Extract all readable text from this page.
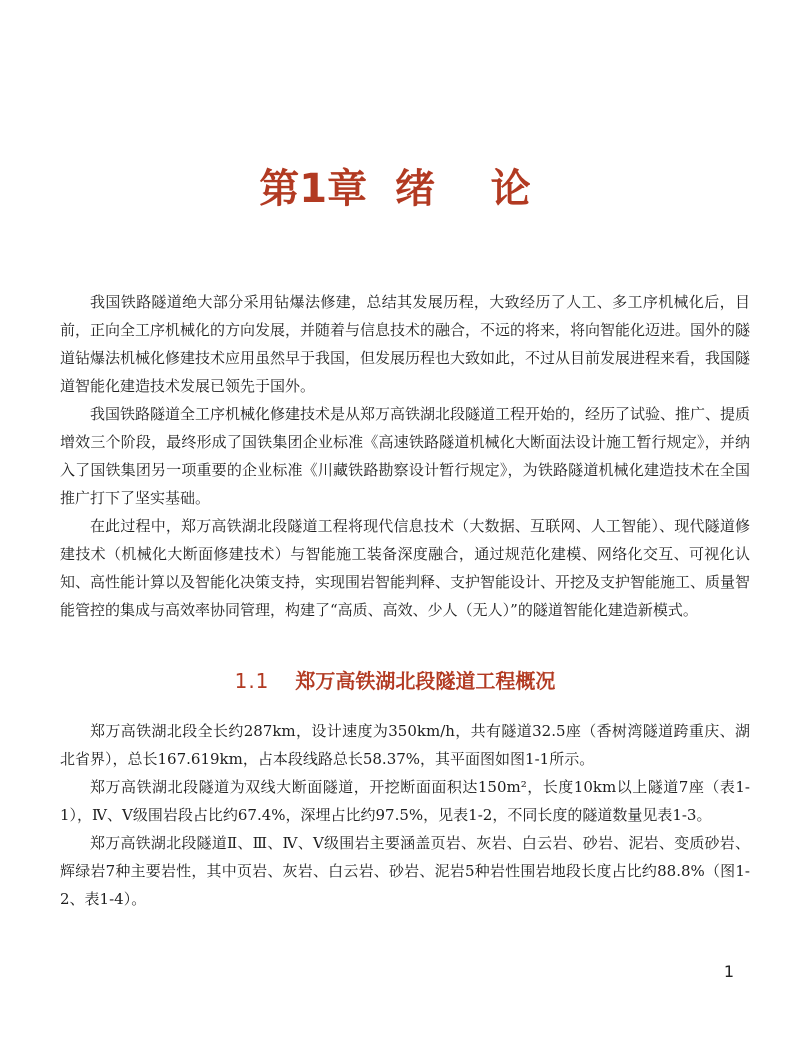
第1章  绪    论

我国铁路隧道绝大部分采用钻爆法修建，总结其发展历程，大致经历了人工、多工序机械化后，目前，正向全工序机械化的方向发展，并随着与信息技术的融合，不远的将来，将向智能化迈进。国外的隧道钻爆法机械化修建技术应用虽然早于我国，但发展历程也大致如此，不过从目前发展进程来看，我国隧道智能化建造技术发展已领先于国外。

我国铁路隧道全工序机械化修建技术是从郑万高铁湖北段隧道工程开始的，经历了试验、推广、提质增效三个阶段，最终形成了国铁集团企业标准《高速铁路隧道机械化大断面法设计施工暂行规定》，并纳入了国铁集团另一项重要的企业标准《川藏铁路勘察设计暂行规定》，为铁路隧道机械化建造技术在全国推广打下了坚实基础。

在此过程中，郑万高铁湖北段隧道工程将现代信息技术（大数据、互联网、人工智能）、现代隧道修建技术（机械化大断面修建技术）与智能施工装备深度融合，通过规范化建模、网络化交互、可视化认知、高性能计算以及智能化决策支持，实现围岩智能判释、支护智能设计、开挖及支护智能施工、质量智能管控的集成与高效率协同管理，构建了“高质、高效、少人（无人）”的隧道智能化建造新模式。

1.1 郑万高铁湖北段隧道工程概况

郑万高铁湖北段全长约287km，设计速度为350km/h，共有隧道32.5座（香树湾隧道跨重庆、湖北省界），总长167.619km，占本段线路总长58.37%，其平面图如图1-1所示。

郑万高铁湖北段隧道为双线大断面隧道，开挖断面面积达150m²，长度10km以上隧道7座（表1-1），Ⅳ、Ⅴ级围岩段占比约67.4%，深埋占比约97.5%，见表1-2，不同长度的隧道数量见表1-3。

郑万高铁湖北段隧道Ⅱ、Ⅲ、Ⅳ、Ⅴ级围岩主要涵盖页岩、灰岩、白云岩、砂岩、泥岩、变质砂岩、辉绿岩7种主要岩性，其中页岩、灰岩、白云岩、砂岩、泥岩5种岩性围岩地段长度占比约88.8%（图1-2、表1-4）。

1
